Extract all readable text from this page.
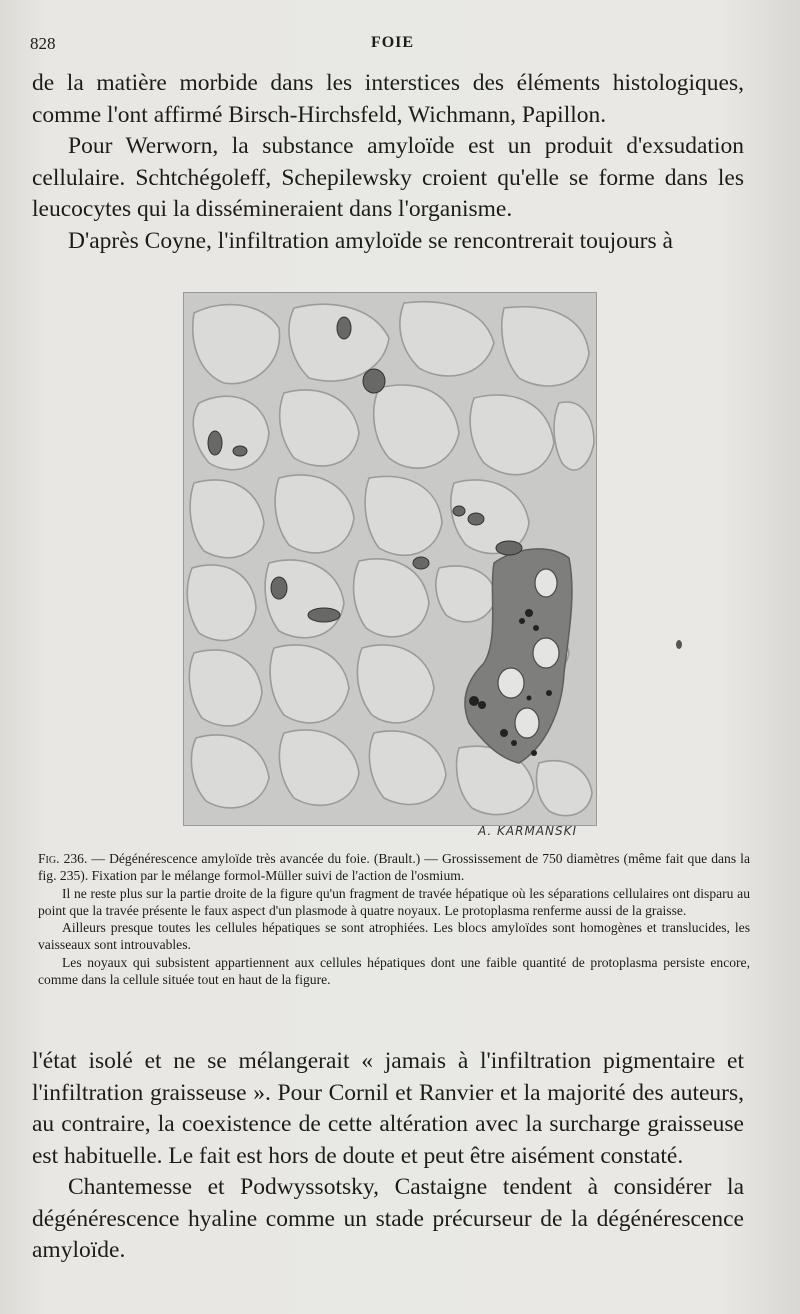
828	FOIE

de la matière morbide dans les interstices des éléments histologiques, comme l'ont affirmé Birsch-Hirchsfeld, Wichmann, Papillon.

Pour Werworn, la substance amyloïde est un produit d'exsudation cellulaire. Schtchégoleff, Schepilewsky croient qu'elle se forme dans les leucocytes qui la dissémineraient dans l'organisme.

D'après Coyne, l'infiltration amyloïde se rencontrerait toujours à

A. KARMANSKI

Fig. 236. — Dégénérescence amyloïde très avancée du foie. (Brault.) — Grossissement de 750 diamètres (même fait que dans la fig. 235). Fixation par le mélange formol-Müller suivi de l'action de l'osmium.

Il ne reste plus sur la partie droite de la figure qu'un fragment de travée hépatique où les séparations cellulaires ont disparu au point que la travée présente le faux aspect d'un plasmode à quatre noyaux. Le protoplasma renferme aussi de la graisse.

Ailleurs presque toutes les cellules hépatiques se sont atrophiées. Les blocs amyloïdes sont homogènes et translucides, les vaisseaux sont introuvables.

Les noyaux qui subsistent appartiennent aux cellules hépatiques dont une faible quantité de protoplasma persiste encore, comme dans la cellule située tout en haut de la figure.

l'état isolé et ne se mélangerait « jamais à l'infiltration pigmentaire et l'infiltration graisseuse ». Pour Cornil et Ranvier et la majorité des auteurs, au contraire, la coexistence de cette altération avec la surcharge graisseuse est habituelle. Le fait est hors de doute et peut être aisément constaté.

Chantemesse et Podwyssotsky, Castaigne tendent à considérer la dégénérescence hyaline comme un stade précurseur de la dégénérescence amyloïde.
